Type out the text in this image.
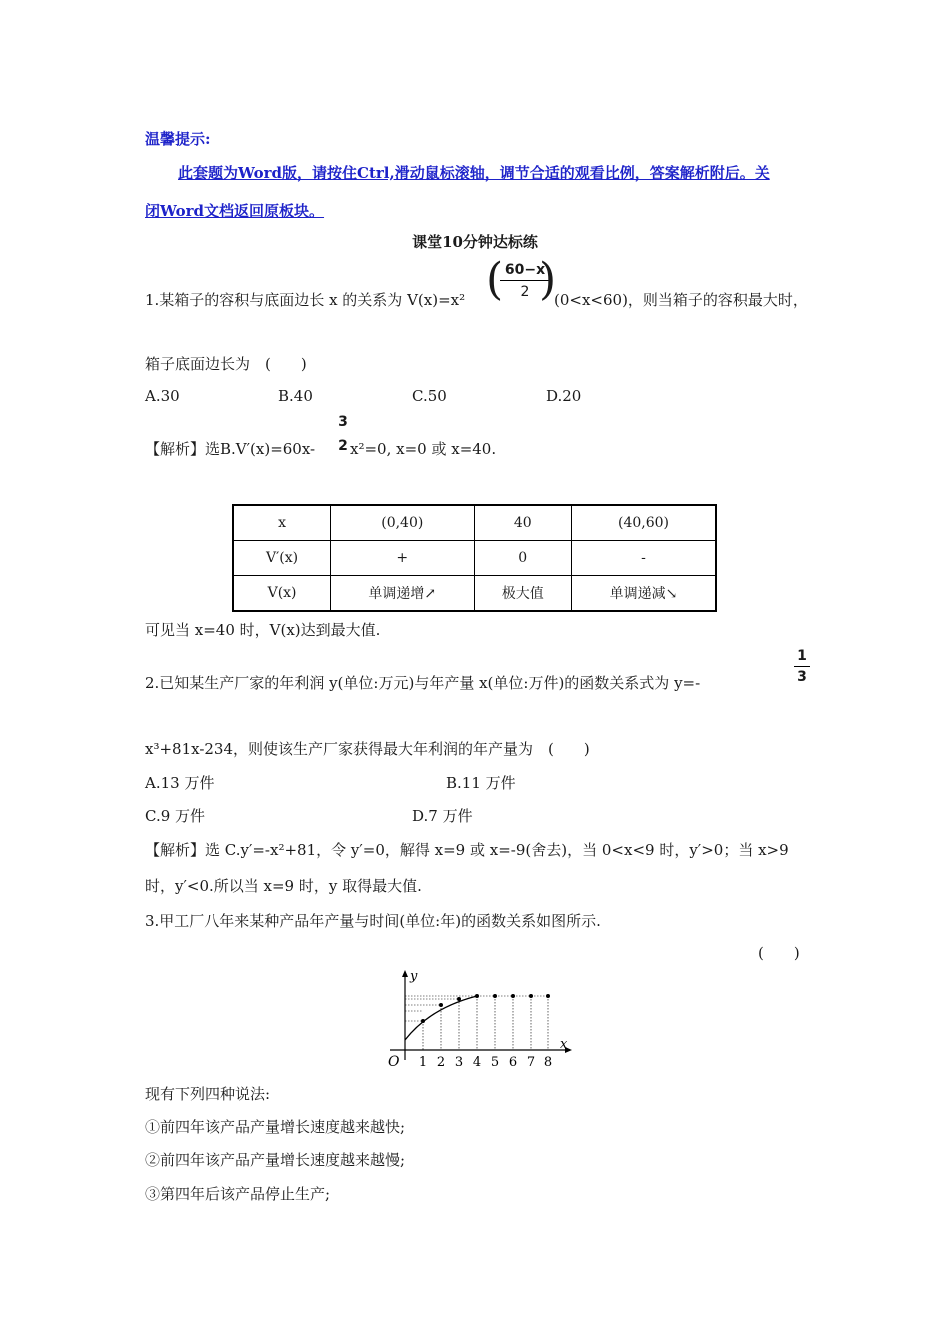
温馨提示:
此套题为Word版，请按住Ctrl,滑动鼠标滚轴，调节合适的观看比例，答案解析附后。关
闭Word文档返回原板块。
课堂10分钟达标练
1.某箱子的容积与底面边长 x 的关系为 V(x)=x² (
$\frac{60-x}{2}$
)
(0<x<60)，则当箱子的容积最大时，
箱子底面边长为　(　　)
A.30	B.40	C.50	D.20
【解析】选B.V′(x)=60x-
3
2 x²=0, x=0 或 x=40.
x	(0,40)	40	(40,60)
V′(x)	+	0	-
V(x)	单调递增↗	极大值	单调递减↘
可见当 x=40 时，V(x)达到最大值.
2.已知某生产厂家的年利润 y(单位:万元)与年产量 x(单位:万件)的函数关系式为 y=-	$\frac{1}{3}$
x³+81x-234，则使该生产厂家获得最大年利润的年产量为　(　　)
A.13 万件	B.11 万件
C.9 万件	D.7 万件
【解析】选 C.y′=-x²+81，令 y′=0，解得 x=9 或 x=-9(舍去)，当 0<x<9 时，y′>0；当 x>9
时，y′<0.所以当 x=9 时，y 取得最大值.
3.甲工厂八年来某种产品年产量与时间(单位:年)的函数关系如图所示.
(　　)
y
x
O 1 2 3 4 5 6 7 8
现有下列四种说法:
①前四年该产品产量增长速度越来越快;
②前四年该产品产量增长速度越来越慢;
③第四年后该产品停止生产;
